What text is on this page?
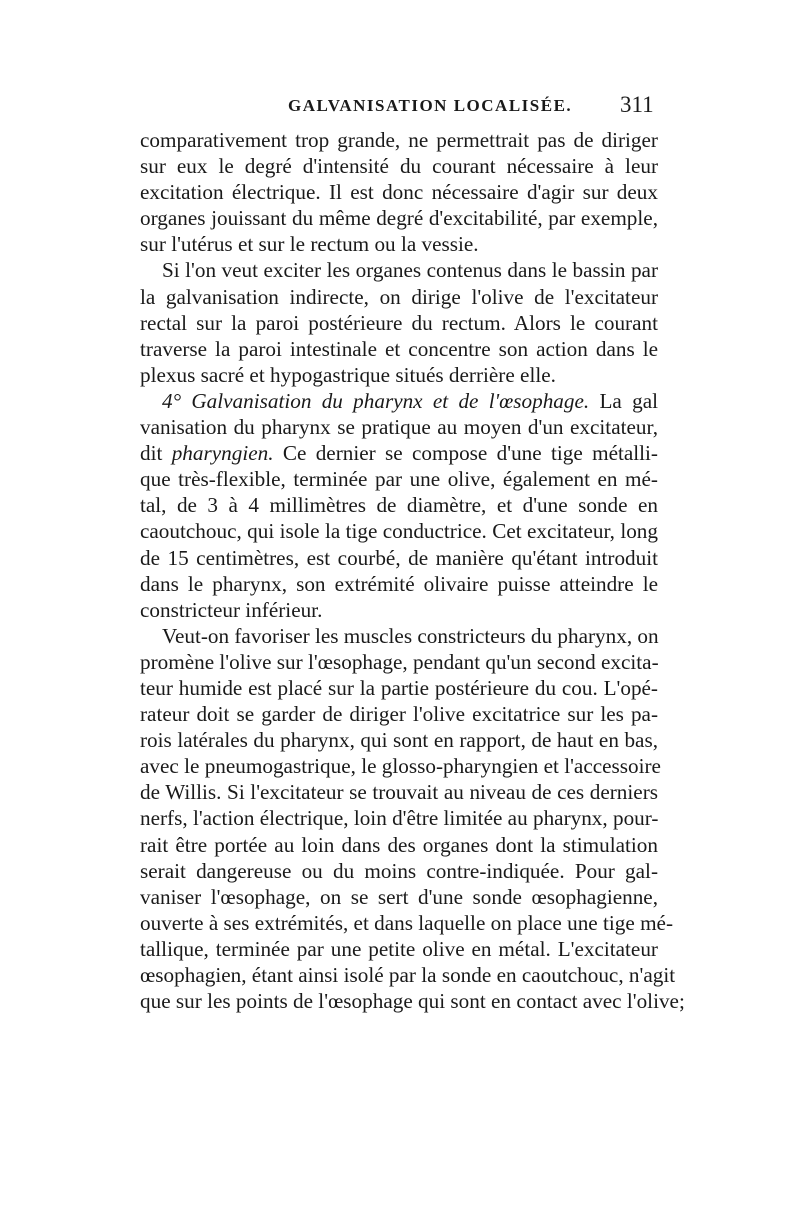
GALVANISATION LOCALISÉE. 311
comparativement trop grande, ne permettrait pas de diriger
sur eux le degré d'intensité du courant nécessaire à leur
excitation électrique. Il est donc nécessaire d'agir sur deux
organes jouissant du même degré d'excitabilité, par exemple,
sur l'utérus et sur le rectum ou la vessie.
Si l'on veut exciter les organes contenus dans le bassin par
la galvanisation indirecte, on dirige l'olive de l'excitateur
rectal sur la paroi postérieure du rectum. Alors le courant
traverse la paroi intestinale et concentre son action dans le
plexus sacré et hypogastrique situés derrière elle.
4° Galvanisation du pharynx et de l'œsophage. La gal
vanisation du pharynx se pratique au moyen d'un excitateur,
dit pharyngien. Ce dernier se compose d'une tige métalli-
que très-flexible, terminée par une olive, également en mé-
tal, de 3 à 4 millimètres de diamètre, et d'une sonde en
caoutchouc, qui isole la tige conductrice. Cet excitateur, long
de 15 centimètres, est courbé, de manière qu'étant introduit
dans le pharynx, son extrémité olivaire puisse atteindre le
constricteur inférieur.
Veut-on favoriser les muscles constricteurs du pharynx, on
promène l'olive sur l'œsophage, pendant qu'un second excita-
teur humide est placé sur la partie postérieure du cou. L'opé-
rateur doit se garder de diriger l'olive excitatrice sur les pa-
rois latérales du pharynx, qui sont en rapport, de haut en bas,
avec le pneumogastrique, le glosso-pharyngien et l'accessoire
de Willis. Si l'excitateur se trouvait au niveau de ces derniers
nerfs, l'action électrique, loin d'être limitée au pharynx, pour-
rait être portée au loin dans des organes dont la stimulation
serait dangereuse ou du moins contre-indiquée. Pour gal-
vaniser l'œsophage, on se sert d'une sonde œsophagienne,
ouverte à ses extrémités, et dans laquelle on place une tige mé-
tallique, terminée par une petite olive en métal. L'excitateur
œsophagien, étant ainsi isolé par la sonde en caoutchouc, n'agit
que sur les points de l'œsophage qui sont en contact avec l'olive;
